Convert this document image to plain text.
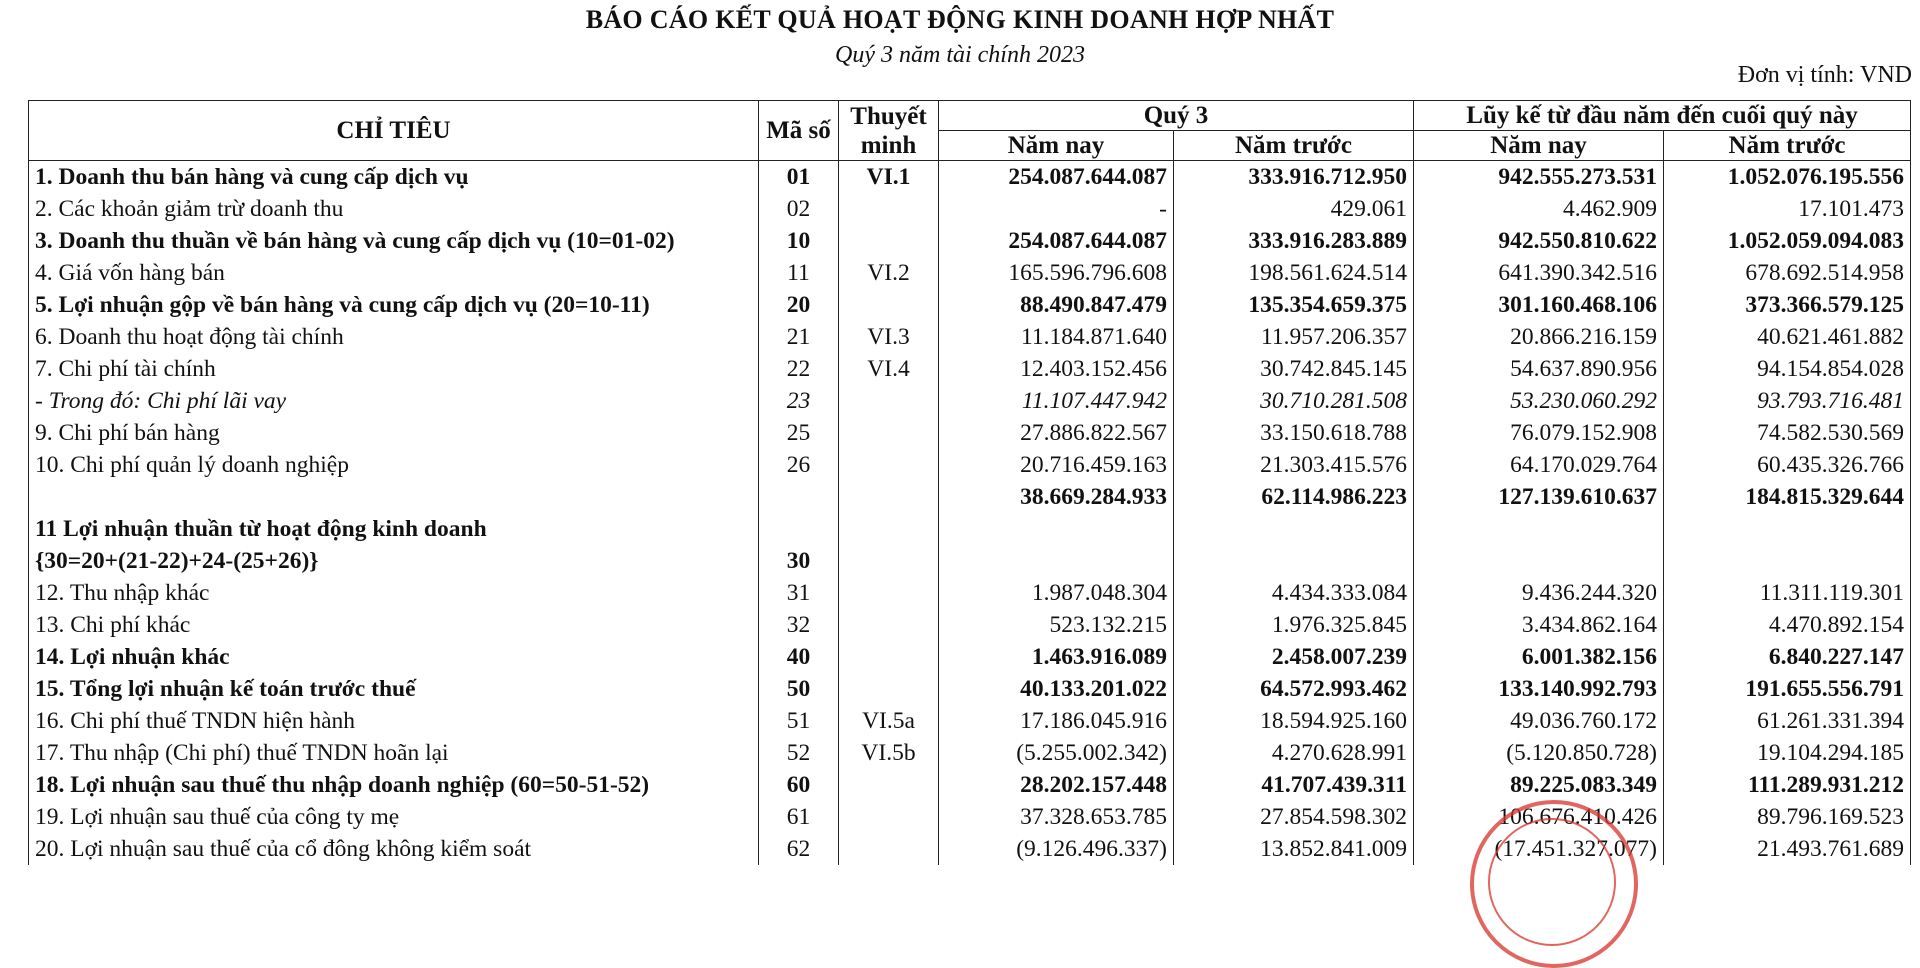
BÁO CÁO KẾT QUẢ HOẠT ĐỘNG KINH DOANH HỢP NHẤT
Quý 3 năm tài chính 2023
Đơn vị tính: VND
CHỈ TIÊU	Mã số	Thuyết minh	Quý 3		Lũy kế từ đầu năm đến cuối quý này	
			Năm nay	Năm trước	Năm nay	Năm trước
1. Doanh thu bán hàng và cung cấp dịch vụ	01	VI.1	254.087.644.087	333.916.712.950	942.555.273.531	1.052.076.195.556
2. Các khoản giảm trừ doanh thu	02		-	429.061	4.462.909	17.101.473
3. Doanh thu thuần về bán hàng và cung cấp dịch vụ (10=01-02)	10		254.087.644.087	333.916.283.889	942.550.810.622	1.052.059.094.083
4. Giá vốn hàng bán	11	VI.2	165.596.796.608	198.561.624.514	641.390.342.516	678.692.514.958
5. Lợi nhuận gộp về bán hàng và cung cấp dịch vụ (20=10-11)	20		88.490.847.479	135.354.659.375	301.160.468.106	373.366.579.125
6. Doanh thu hoạt động tài chính	21	VI.3	11.184.871.640	11.957.206.357	20.866.216.159	40.621.461.882
7. Chi phí tài chính	22	VI.4	12.403.152.456	30.742.845.145	54.637.890.956	94.154.854.028
- Trong đó: Chi phí lãi vay	23		11.107.447.942	30.710.281.508	53.230.060.292	93.793.716.481
9. Chi phí bán hàng	25		27.886.822.567	33.150.618.788	76.079.152.908	74.582.530.569
10. Chi phí quản lý doanh nghiệp	26		20.716.459.163	21.303.415.576	64.170.029.764	60.435.326.766
			38.669.284.933	62.114.986.223	127.139.610.637	184.815.329.644
11 Lợi nhuận thuần từ hoạt động kinh doanh						
{30=20+(21-22)+24-(25+26)}	30					
12. Thu nhập khác	31		1.987.048.304	4.434.333.084	9.436.244.320	11.311.119.301
13. Chi phí khác	32		523.132.215	1.976.325.845	3.434.862.164	4.470.892.154
14. Lợi nhuận khác	40		1.463.916.089	2.458.007.239	6.001.382.156	6.840.227.147
15. Tổng lợi nhuận kế toán trước thuế	50		40.133.201.022	64.572.993.462	133.140.992.793	191.655.556.791
16. Chi phí thuế TNDN hiện hành	51	VI.5a	17.186.045.916	18.594.925.160	49.036.760.172	61.261.331.394
17. Thu nhập (Chi phí) thuế TNDN hoãn lại	52	VI.5b	(5.255.002.342)	4.270.628.991	(5.120.850.728)	19.104.294.185
18. Lợi nhuận sau thuế thu nhập doanh nghiệp (60=50-51-52)	60		28.202.157.448	41.707.439.311	89.225.083.349	111.289.931.212
19. Lợi nhuận sau thuế của công ty mẹ	61		37.328.653.785	27.854.598.302	106.676.410.426	89.796.169.523
20. Lợi nhuận sau thuế của cổ đông không kiểm soát	62		(9.126.496.337)	13.852.841.009	(17.451.327.077)	21.493.761.689
